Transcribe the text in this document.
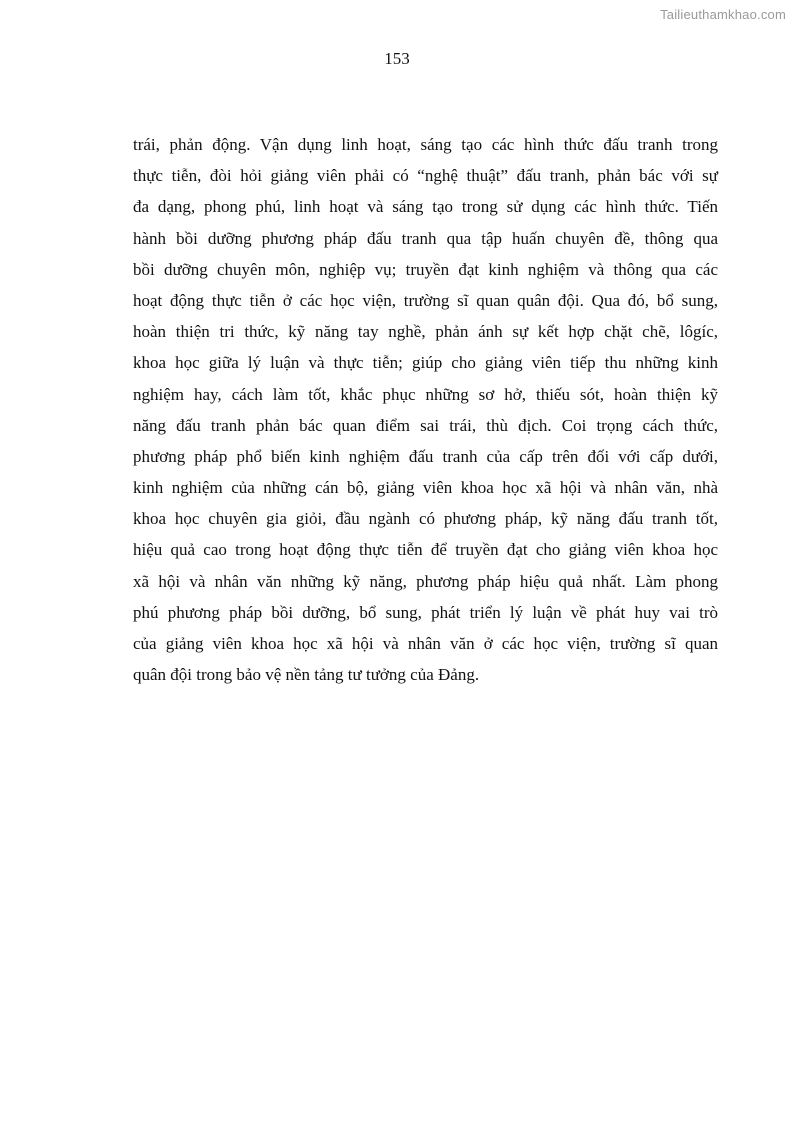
Tailieuthamkhao.com
153

trái, phản động. Vận dụng linh hoạt, sáng tạo các hình thức đấu tranh trong
thực tiễn, đòi hỏi giảng viên phải có “nghệ thuật” đấu tranh, phản bác với sự
đa dạng, phong phú, linh hoạt và sáng tạo trong sử dụng các hình thức. Tiến
hành bồi dưỡng phương pháp đấu tranh qua tập huấn chuyên đề, thông qua
bồi dưỡng chuyên môn, nghiệp vụ; truyền đạt kinh nghiệm và thông qua các
hoạt động thực tiễn ở các học viện, trường sĩ quan quân đội. Qua đó, bổ sung,
hoàn thiện tri thức, kỹ năng tay nghề, phản ánh sự kết hợp chặt chẽ, lôgíc,
khoa học giữa lý luận và thực tiễn; giúp cho giảng viên tiếp thu những kinh
nghiệm hay, cách làm tốt, khắc phục những sơ hở, thiếu sót, hoàn thiện kỹ
năng đấu tranh phản bác quan điểm sai trái, thù địch. Coi trọng cách thức,
phương pháp phổ biến kinh nghiệm đấu tranh của cấp trên đối với cấp dưới,
kinh nghiệm của những cán bộ, giảng viên khoa học xã hội và nhân văn, nhà
khoa học chuyên gia giỏi, đầu ngành có phương pháp, kỹ năng đấu tranh tốt,
hiệu quả cao trong hoạt động thực tiễn để truyền đạt cho giảng viên khoa học
xã hội và nhân văn những kỹ năng, phương pháp hiệu quả nhất. Làm phong
phú phương pháp bồi dưỡng, bổ sung, phát triển lý luận về phát huy vai trò
của giảng viên khoa học xã hội và nhân văn ở các học viện, trường sĩ quan
quân đội trong bảo vệ nền tảng tư tưởng của Đảng.
